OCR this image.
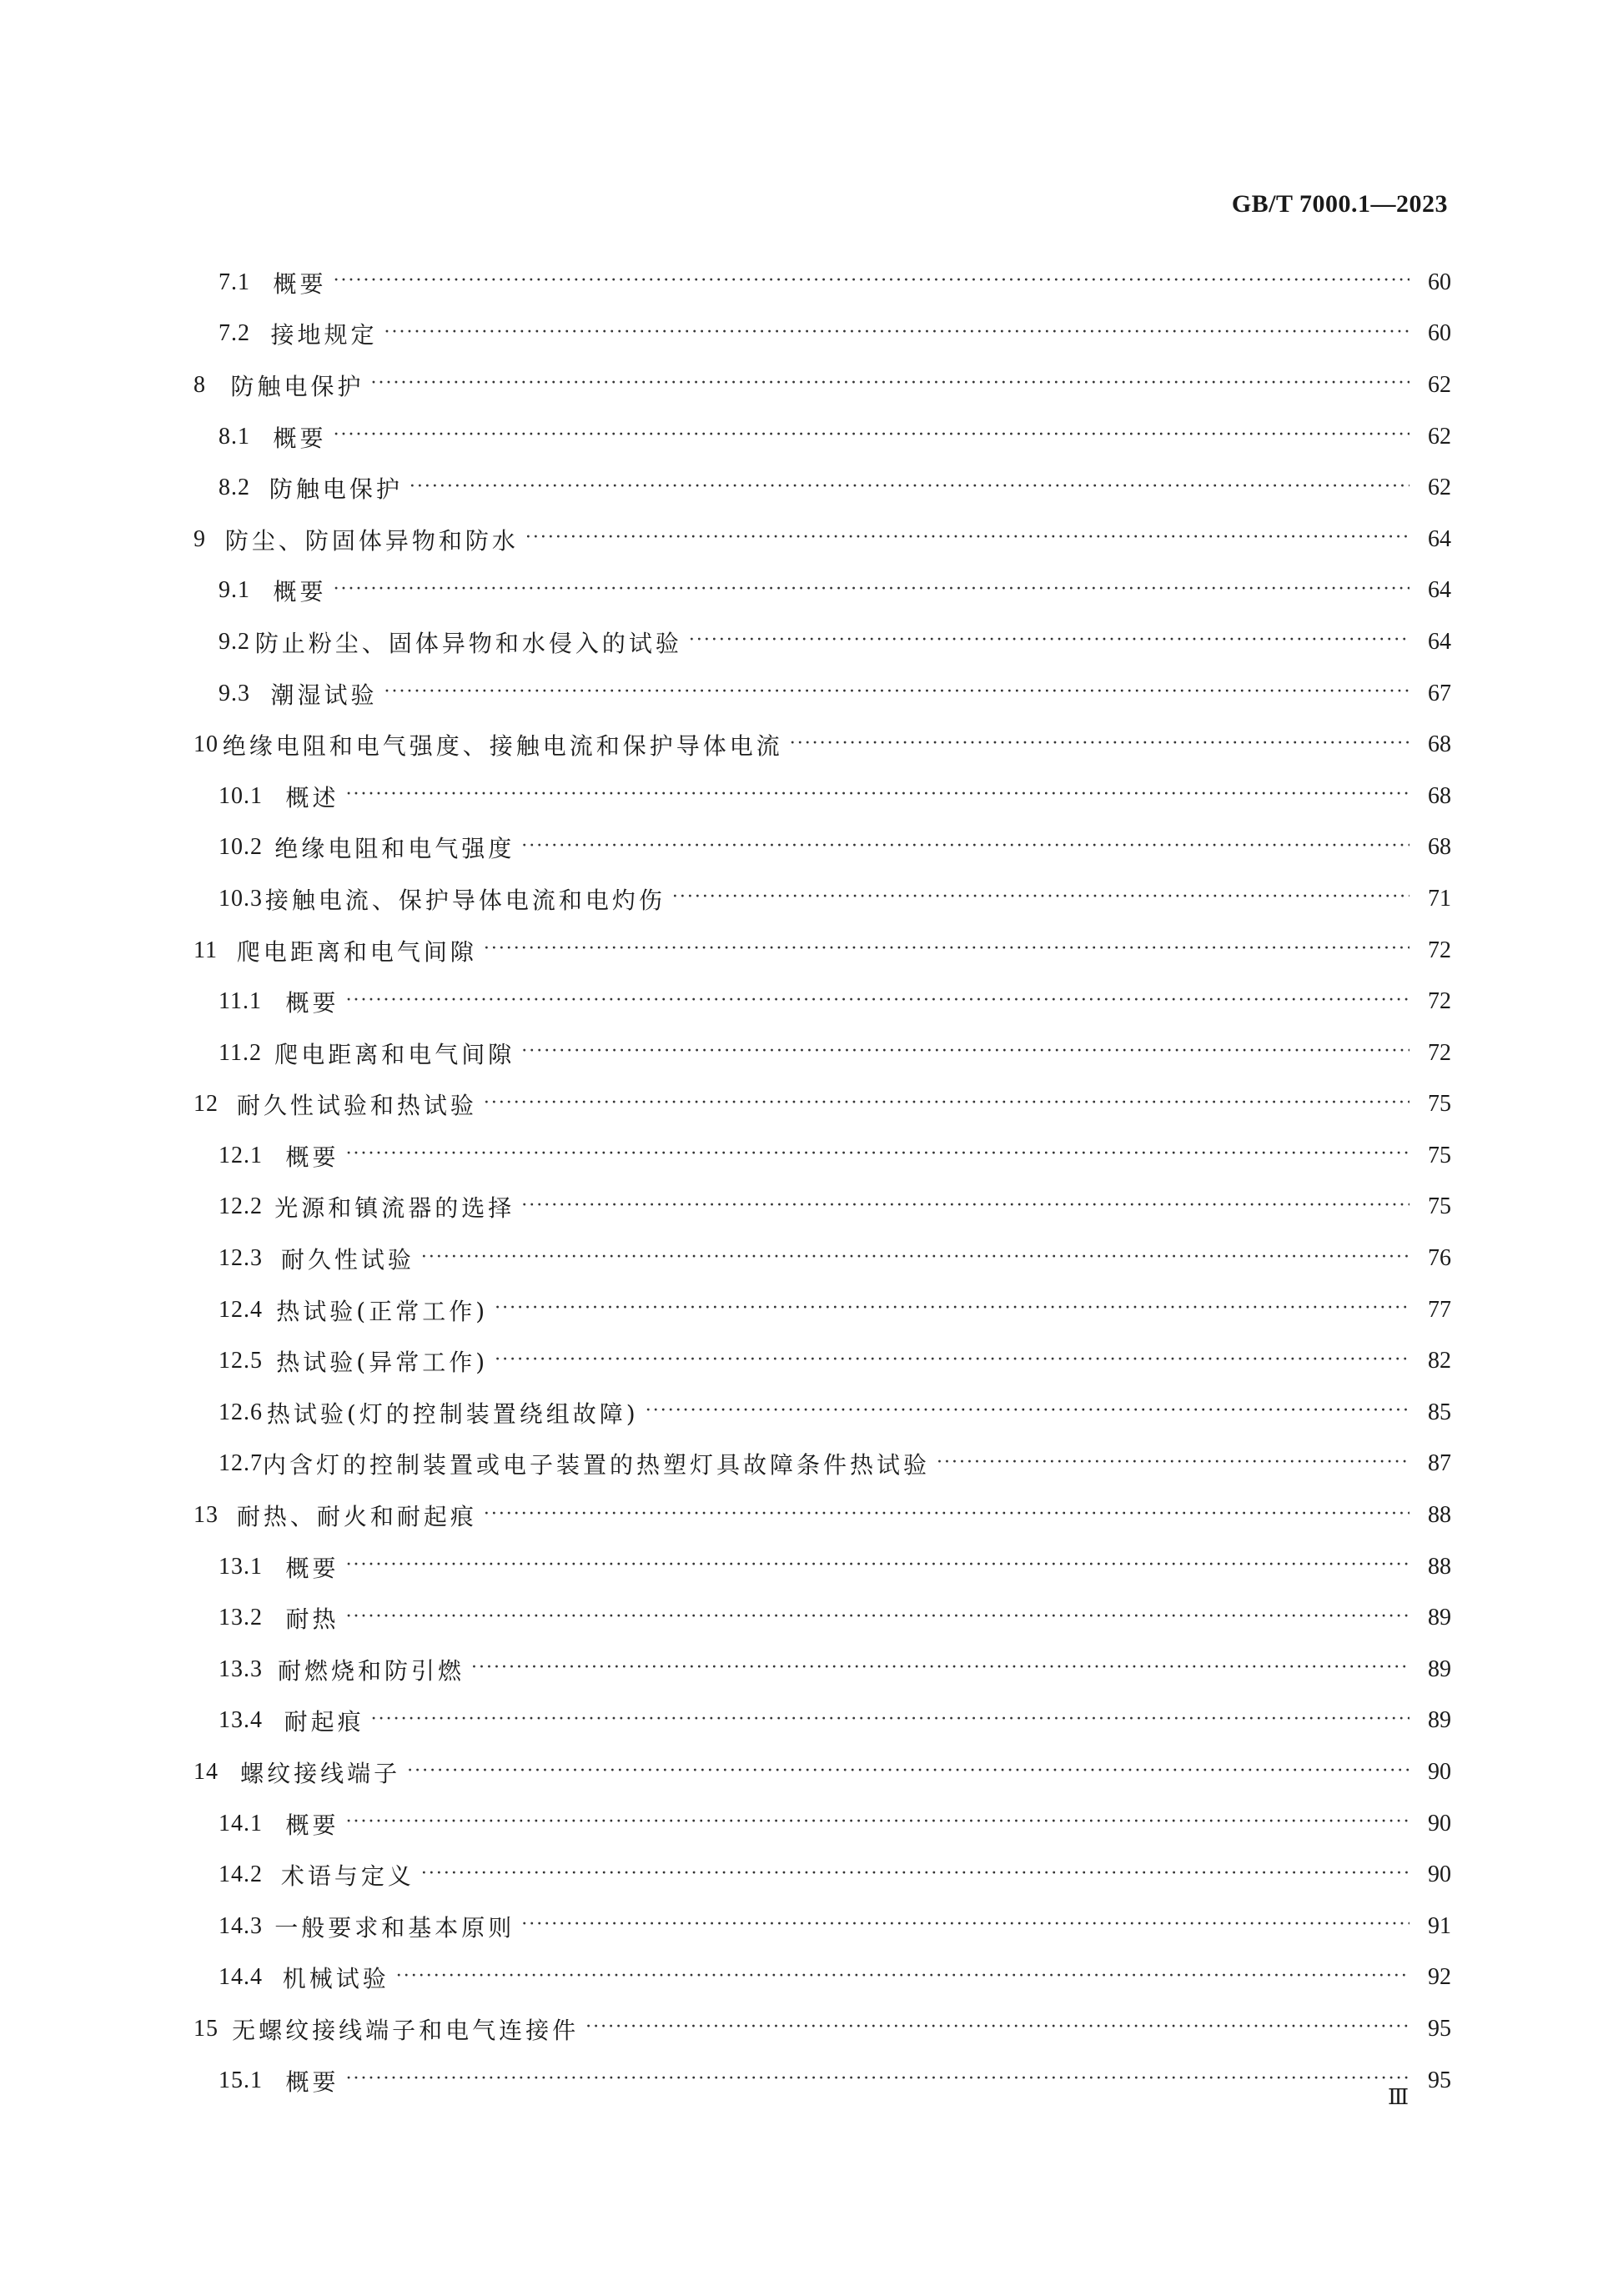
GB/T 7000.1—2023
7.1 概要 ·····	60
7.2 接地规定 ·····	60
8	防触电保护 ·····	62
8.1 概要 ·····	62
8.2 防触电保护 ·····	62
9 防尘、防固体异物和防水 ·····	64
9.1 概要 ·····	64
9.2 防止粉尘、固体异物和水侵入的试验 ·····	64
9.3 潮湿试验 ·····	67
10 绝缘电阻和电气强度、接触电流和保护导体电流 ·····	68
10.1 概述 ·····	68
10.2 绝缘电阻和电气强度 ·····	68
10.3 接触电流、保护导体电流和电灼伤 ·····	71
11 爬电距离和电气间隙 ·····	72
11.1	概要 ·····	72
11.2 爬电距离和电气间隙 ·····	72
12 耐久性试验和热试验 ·····	75
12.1 概要 ·····	75
12.2 光源和镇流器的选择 ·····	75
12.3 耐久性试验 ·····	76
12.4 热试验(正常工作) ·····	77
12.5 热试验(异常工作) ·····	82
12.6 热试验(灯的控制装置绕组故障) ·····	85
12.7 内含灯的控制装置或电子装置的热塑灯具故障条件热试验 ·····	87
13 耐热、耐火和耐起痕 ·····	88
13.1 概要 ·····	88
13.2 耐热 ·····	89
13.3 耐燃烧和防引燃 ·····	89
13.4 耐起痕 ·····	89
14 螺纹接线端子 ·····	90
14.1 概要 ·····	90
14.2 术语与定义 ·····	90
14.3 一般要求和基本原则 ·····	91
14.4 机械试验 ·····	92
15 无螺纹接线端子和电气连接件 ·····	95
15.1 概要 ·····	95
Ⅲ
